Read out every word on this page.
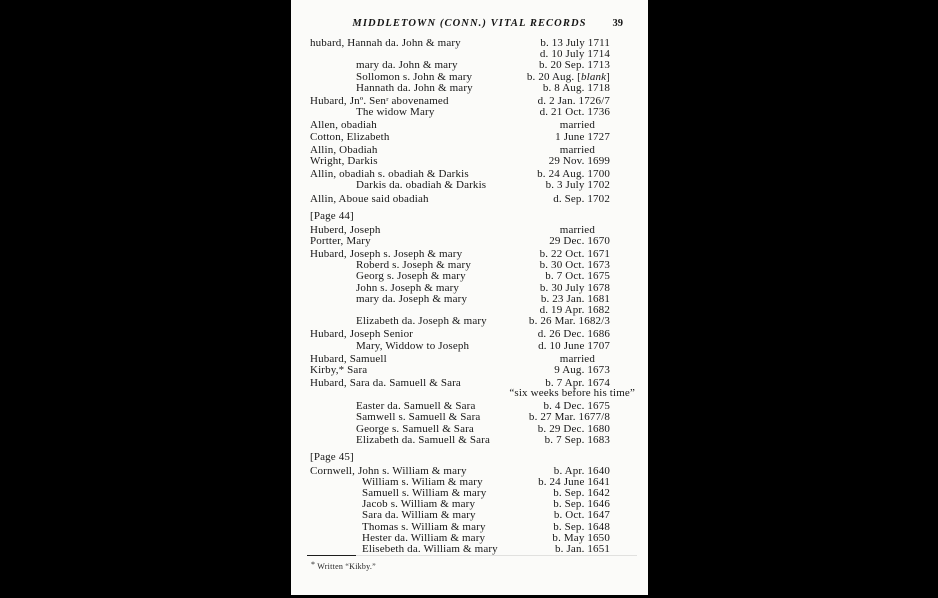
MIDDLETOWN (CONN.) VITAL RECORDS 39
hubard, Hannah da. John & mary	b. 13 July 1711
d. 10 July 1714
mary da. John & mary	b. 20 Sep. 1713
Sollomon s. John & mary	b. 20 Aug. [blank]
Hannath da. John & mary	b. 8 Aug. 1718
Hubard, Jnº. Senʳ abovenamed	d. 2 Jan. 1726/7
The widow Mary	d. 21 Oct. 1736
Allen, obadiah	married
Cotton, Elizabeth	1 June 1727
Allin, Obadiah	married
Wright, Darkis	29 Nov. 1699
Allin, obadiah s. obadiah & Darkis	b. 24 Aug. 1700
Darkis da. obadiah & Darkis	b. 3 July 1702
Allin, Aboue said obadiah	d. Sep. 1702
[Page 44]
Huberd, Joseph	married
Portter, Mary	29 Dec. 1670
Hubard, Joseph s. Joseph & mary	b. 22 Oct. 1671
Roberd s. Joseph & mary	b. 30 Oct. 1673
Georg s. Joseph & mary	b. 7 Oct. 1675
John s. Joseph & mary	b. 30 July 1678
mary da. Joseph & mary	b. 23 Jan. 1681
d. 19 Apr. 1682
Elizabeth da. Joseph & mary	b. 26 Mar. 1682/3
Hubard, Joseph Senior	d. 26 Dec. 1686
Mary, Widdow to Joseph	d. 10 June 1707
Hubard, Samuell	married
Kirby,* Sara	9 Aug. 1673
Hubard, Sara da. Samuell & Sara	b. 7 Apr. 1674
“six weeks before his time”
Easter da. Samuell & Sara	b. 4 Dec. 1675
Samwell s. Samuell & Sara	b. 27 Mar. 1677/8
George s. Samuell & Sara	b. 29 Dec. 1680
Elizabeth da. Samuell & Sara	b. 7 Sep. 1683
[Page 45]
Cornwell, John s. William & mary	b. Apr. 1640
William s. Wiliam & mary	b. 24 June 1641
Samuell s. William & mary	b. Sep. 1642
Jacob s. William & mary	b. Sep. 1646
Sara da. William & mary	b. Oct. 1647
Thomas s. William & mary	b. Sep. 1648
Hester da. William & mary	b. May 1650
Elisebeth da. William & mary	b. Jan. 1651
* Written “Kikby.”
